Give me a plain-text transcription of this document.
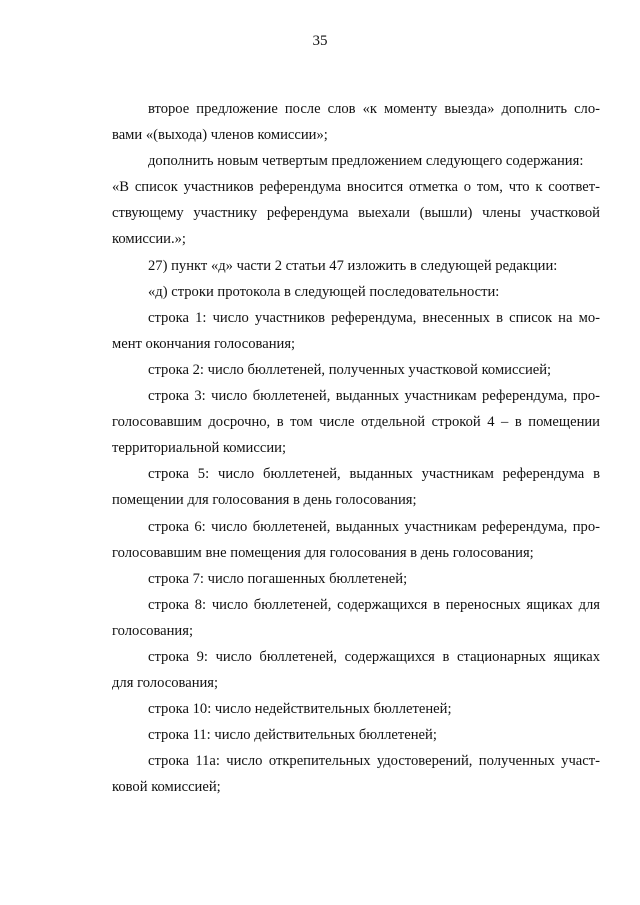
35

второе предложение после слов «к моменту выезда» дополнить сло-
вами «(выхода) членов комиссии»;

дополнить новым четвертым предложением следующего содержания:

«В список участников референдума вносится отметка о том, что к соответ-
ствующему участнику референдума выехали (вышли) члены участковой
комиссии.»;

27) пункт «д» части 2 статьи 47 изложить в следующей редакции:

«д) строки протокола в следующей последовательности:

строка 1: число участников референдума, внесенных в список на мо-
мент окончания голосования;

строка 2: число бюллетеней, полученных участковой комиссией;

строка 3: число бюллетеней, выданных участникам референдума, про-
голосовавшим досрочно, в том числе отдельной строкой 4 – в помещении
территориальной комиссии;

строка 5: число бюллетеней, выданных участникам референдума в
помещении для голосования в день голосования;

строка 6: число бюллетеней, выданных участникам референдума, про-
голосовавшим вне помещения для голосования в день голосования;

строка 7: число погашенных бюллетеней;

строка 8: число бюллетеней, содержащихся в переносных ящиках для
голосования;

строка 9: число бюллетеней, содержащихся в стационарных ящиках
для голосования;

строка 10: число недействительных бюллетеней;

строка 11: число действительных бюллетеней;

строка 11а: число открепительных удостоверений, полученных участ-
ковой комиссией;
